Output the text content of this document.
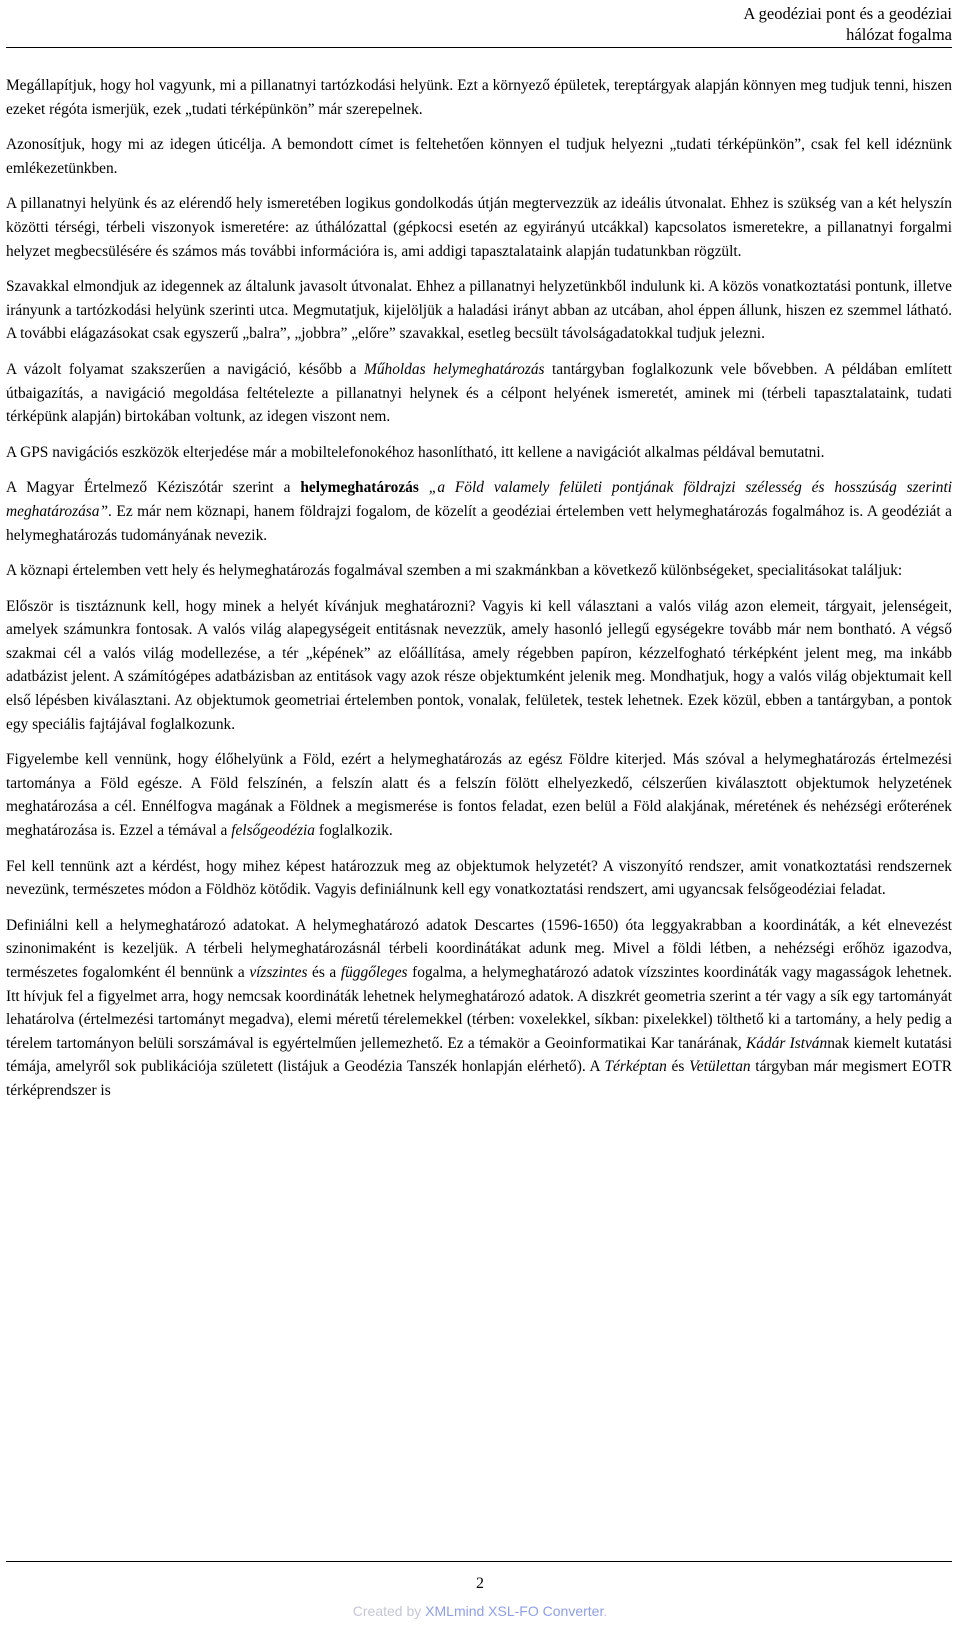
A geodéziai pont és a geodéziai
hálózat fogalma

Megállapítjuk, hogy hol vagyunk, mi a pillanatnyi tartózkodási helyünk. Ezt a környező épületek, tereptárgyak alapján könnyen meg tudjuk tenni, hiszen ezeket régóta ismerjük, ezek „tudati térképünkön” már szerepelnek.

Azonosítjuk, hogy mi az idegen úticélja. A bemondott címet is feltehetően könnyen el tudjuk helyezni „tudati térképünkön”, csak fel kell idéznünk emlékezetünkben.

A pillanatnyi helyünk és az elérendő hely ismeretében logikus gondolkodás útján megtervezzük az ideális útvonalat. Ehhez is szükség van a két helyszín közötti térségi, térbeli viszonyok ismeretére: az úthálózattal (gépkocsi esetén az egyirányú utcákkal) kapcsolatos ismeretekre, a pillanatnyi forgalmi helyzet megbecsülésére és számos más további információra is, ami addigi tapasztalataink alapján tudatunkban rögzült.

Szavakkal elmondjuk az idegennek az általunk javasolt útvonalat. Ehhez a pillanatnyi helyzetünkből indulunk ki. A közös vonatkoztatási pontunk, illetve irányunk a tartózkodási helyünk szerinti utca. Megmutatjuk, kijelöljük a haladási irányt abban az utcában, ahol éppen állunk, hiszen ez szemmel látható. A további elágazásokat csak egyszerű „balra”, „jobbra” „előre” szavakkal, esetleg becsült távolságadatokkal tudjuk jelezni.

A vázolt folyamat szakszerűen a navigáció, később a Műholdas helymeghatározás tantárgyban foglalkozunk vele bővebben. A példában említett útbaigazítás, a navigáció megoldása feltételezte a pillanatnyi helynek és a célpont helyének ismeretét, aminek mi (térbeli tapasztalataink, tudati térképünk alapján) birtokában voltunk, az idegen viszont nem.

A GPS navigációs eszközök elterjedése már a mobiltelefonokéhoz hasonlítható, itt kellene a navigációt alkalmas példával bemutatni.

A Magyar Értelmező Kéziszótár szerint a helymeghatározás „a Föld valamely felületi pontjának földrajzi szélesség és hosszúság szerinti meghatározása”. Ez már nem köznapi, hanem földrajzi fogalom, de közelít a geodéziai értelemben vett helymeghatározás fogalmához is. A geodéziát a helymeghatározás tudományának nevezik.

A köznapi értelemben vett hely és helymeghatározás fogalmával szemben a mi szakmánkban a következő különbségeket, specialitásokat találjuk:

Először is tisztáznunk kell, hogy minek a helyét kívánjuk meghatározni? Vagyis ki kell választani a valós világ azon elemeit, tárgyait, jelenségeit, amelyek számunkra fontosak. A valós világ alapegységeit entitásnak nevezzük, amely hasonló jellegű egységekre tovább már nem bontható. A végső szakmai cél a valós világ modellezése, a tér „képének” az előállítása, amely régebben papíron, kézzelfogható térképként jelent meg, ma inkább adatbázist jelent. A számítógépes adatbázisban az entitások vagy azok része objektumként jelenik meg. Mondhatjuk, hogy a valós világ objektumait kell első lépésben kiválasztani. Az objektumok geometriai értelemben pontok, vonalak, felületek, testek lehetnek. Ezek közül, ebben a tantárgyban, a pontok egy speciális fajtájával foglalkozunk.

Figyelembe kell vennünk, hogy élőhelyünk a Föld, ezért a helymeghatározás az egész Földre kiterjed. Más szóval a helymeghatározás értelmezési tartománya a Föld egésze. A Föld felszínén, a felszín alatt és a felszín fölött elhelyezkedő, célszerűen kiválasztott objektumok helyzetének meghatározása a cél. Ennélfogva magának a Földnek a megismerése is fontos feladat, ezen belül a Föld alakjának, méretének és nehézségi erőterének meghatározása is. Ezzel a témával a felsőgeodézia foglalkozik.

Fel kell tennünk azt a kérdést, hogy mihez képest határozzuk meg az objektumok helyzetét? A viszonyító rendszer, amit vonatkoztatási rendszernek nevezünk, természetes módon a Földhöz kötődik. Vagyis definiálnunk kell egy vonatkoztatási rendszert, ami ugyancsak felsőgeodéziai feladat.

Definiálni kell a helymeghatározó adatokat. A helymeghatározó adatok Descartes (1596-1650) óta leggyakrabban a koordináták, a két elnevezést szinonimaként is kezeljük. A térbeli helymeghatározásnál térbeli koordinátákat adunk meg. Mivel a földi létben, a nehézségi erőhöz igazodva, természetes fogalomként él bennünk a vízszintes és a függőleges fogalma, a helymeghatározó adatok vízszintes koordináták vagy magasságok lehetnek. Itt hívjuk fel a figyelmet arra, hogy nemcsak koordináták lehetnek helymeghatározó adatok. A diszkrét geometria szerint a tér vagy a sík egy tartományát lehatárolva (értelmezési tartományt megadva), elemi méretű térelemekkel (térben: voxelekkel, síkban: pixelekkel) tölthető ki a tartomány, a hely pedig a térelem tartományon belüli sorszámával is egyértelműen jellemezhető. Ez a témakör a Geoinformatikai Kar tanárának, Kádár Istvánnak kiemelt kutatási témája, amelyről sok publikációja született (listájuk a Geodézia Tanszék honlapján elérhető). A Térképtan és Vetülettan tárgyban már megismert EOTR térképrendszer is

2
Created by XMLmind XSL-FO Converter.
